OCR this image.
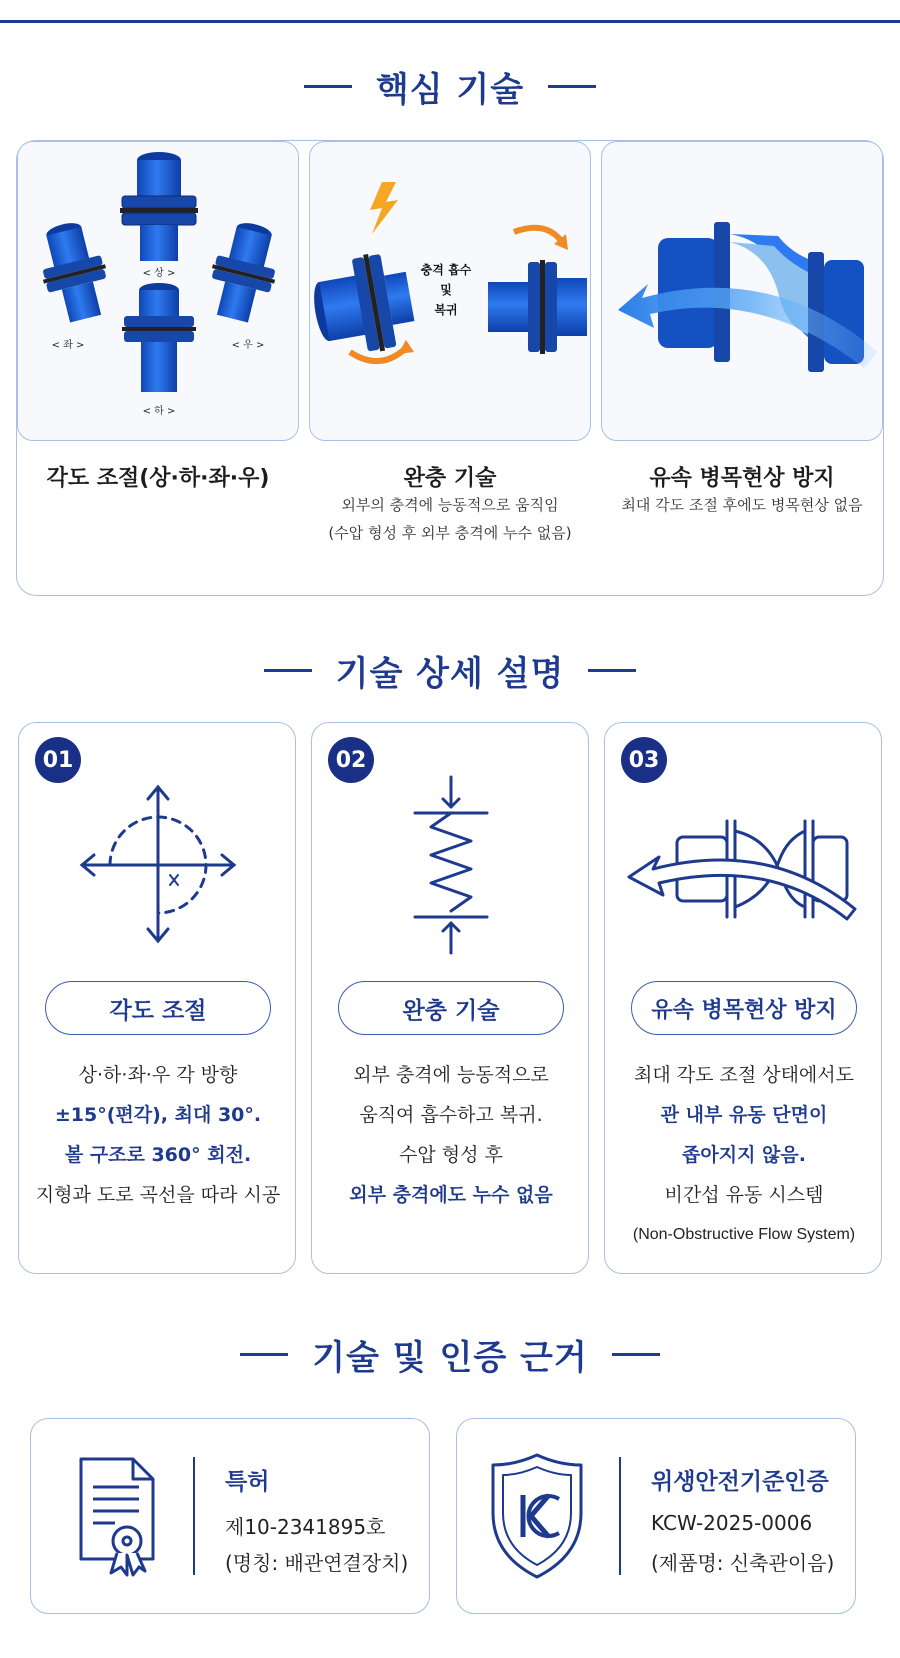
핵심 기술
< 상 >
< 좌 >	< 우 >
< 하 >
충격 흡수
및
복귀
각도 조절(상·하·좌·우)	완충 기술
외부의 충격에 능동적으로 움직임
(수압 형성 후 외부 충격에 누수 없음)
유속 병목현상 방지
최대 각도 조절 후에도 병목현상 없음
기술 상세 설명
01
각도 조절
상·하·좌·우 각 방향
±15°(편각), 최대 30°.
볼 구조로 360° 회전.
지형과 도로 곡선을 따라 시공
02
완충 기술
외부 충격에 능동적으로
움직여 흡수하고 복귀.
수압 형성 후
외부 충격에도 누수 없음
03
유속 병목현상 방지
최대 각도 조절 상태에서도
관 내부 유동 단면이
좁아지지 않음.
비간섭 유동 시스템
(Non-Obstructive Flow System)
기술 및 인증 근거
특허
제10-2341895호
(명칭: 배관연결장치)
위생안전기준인증
KCW-2025-0006
(제품명: 신축관이음)
